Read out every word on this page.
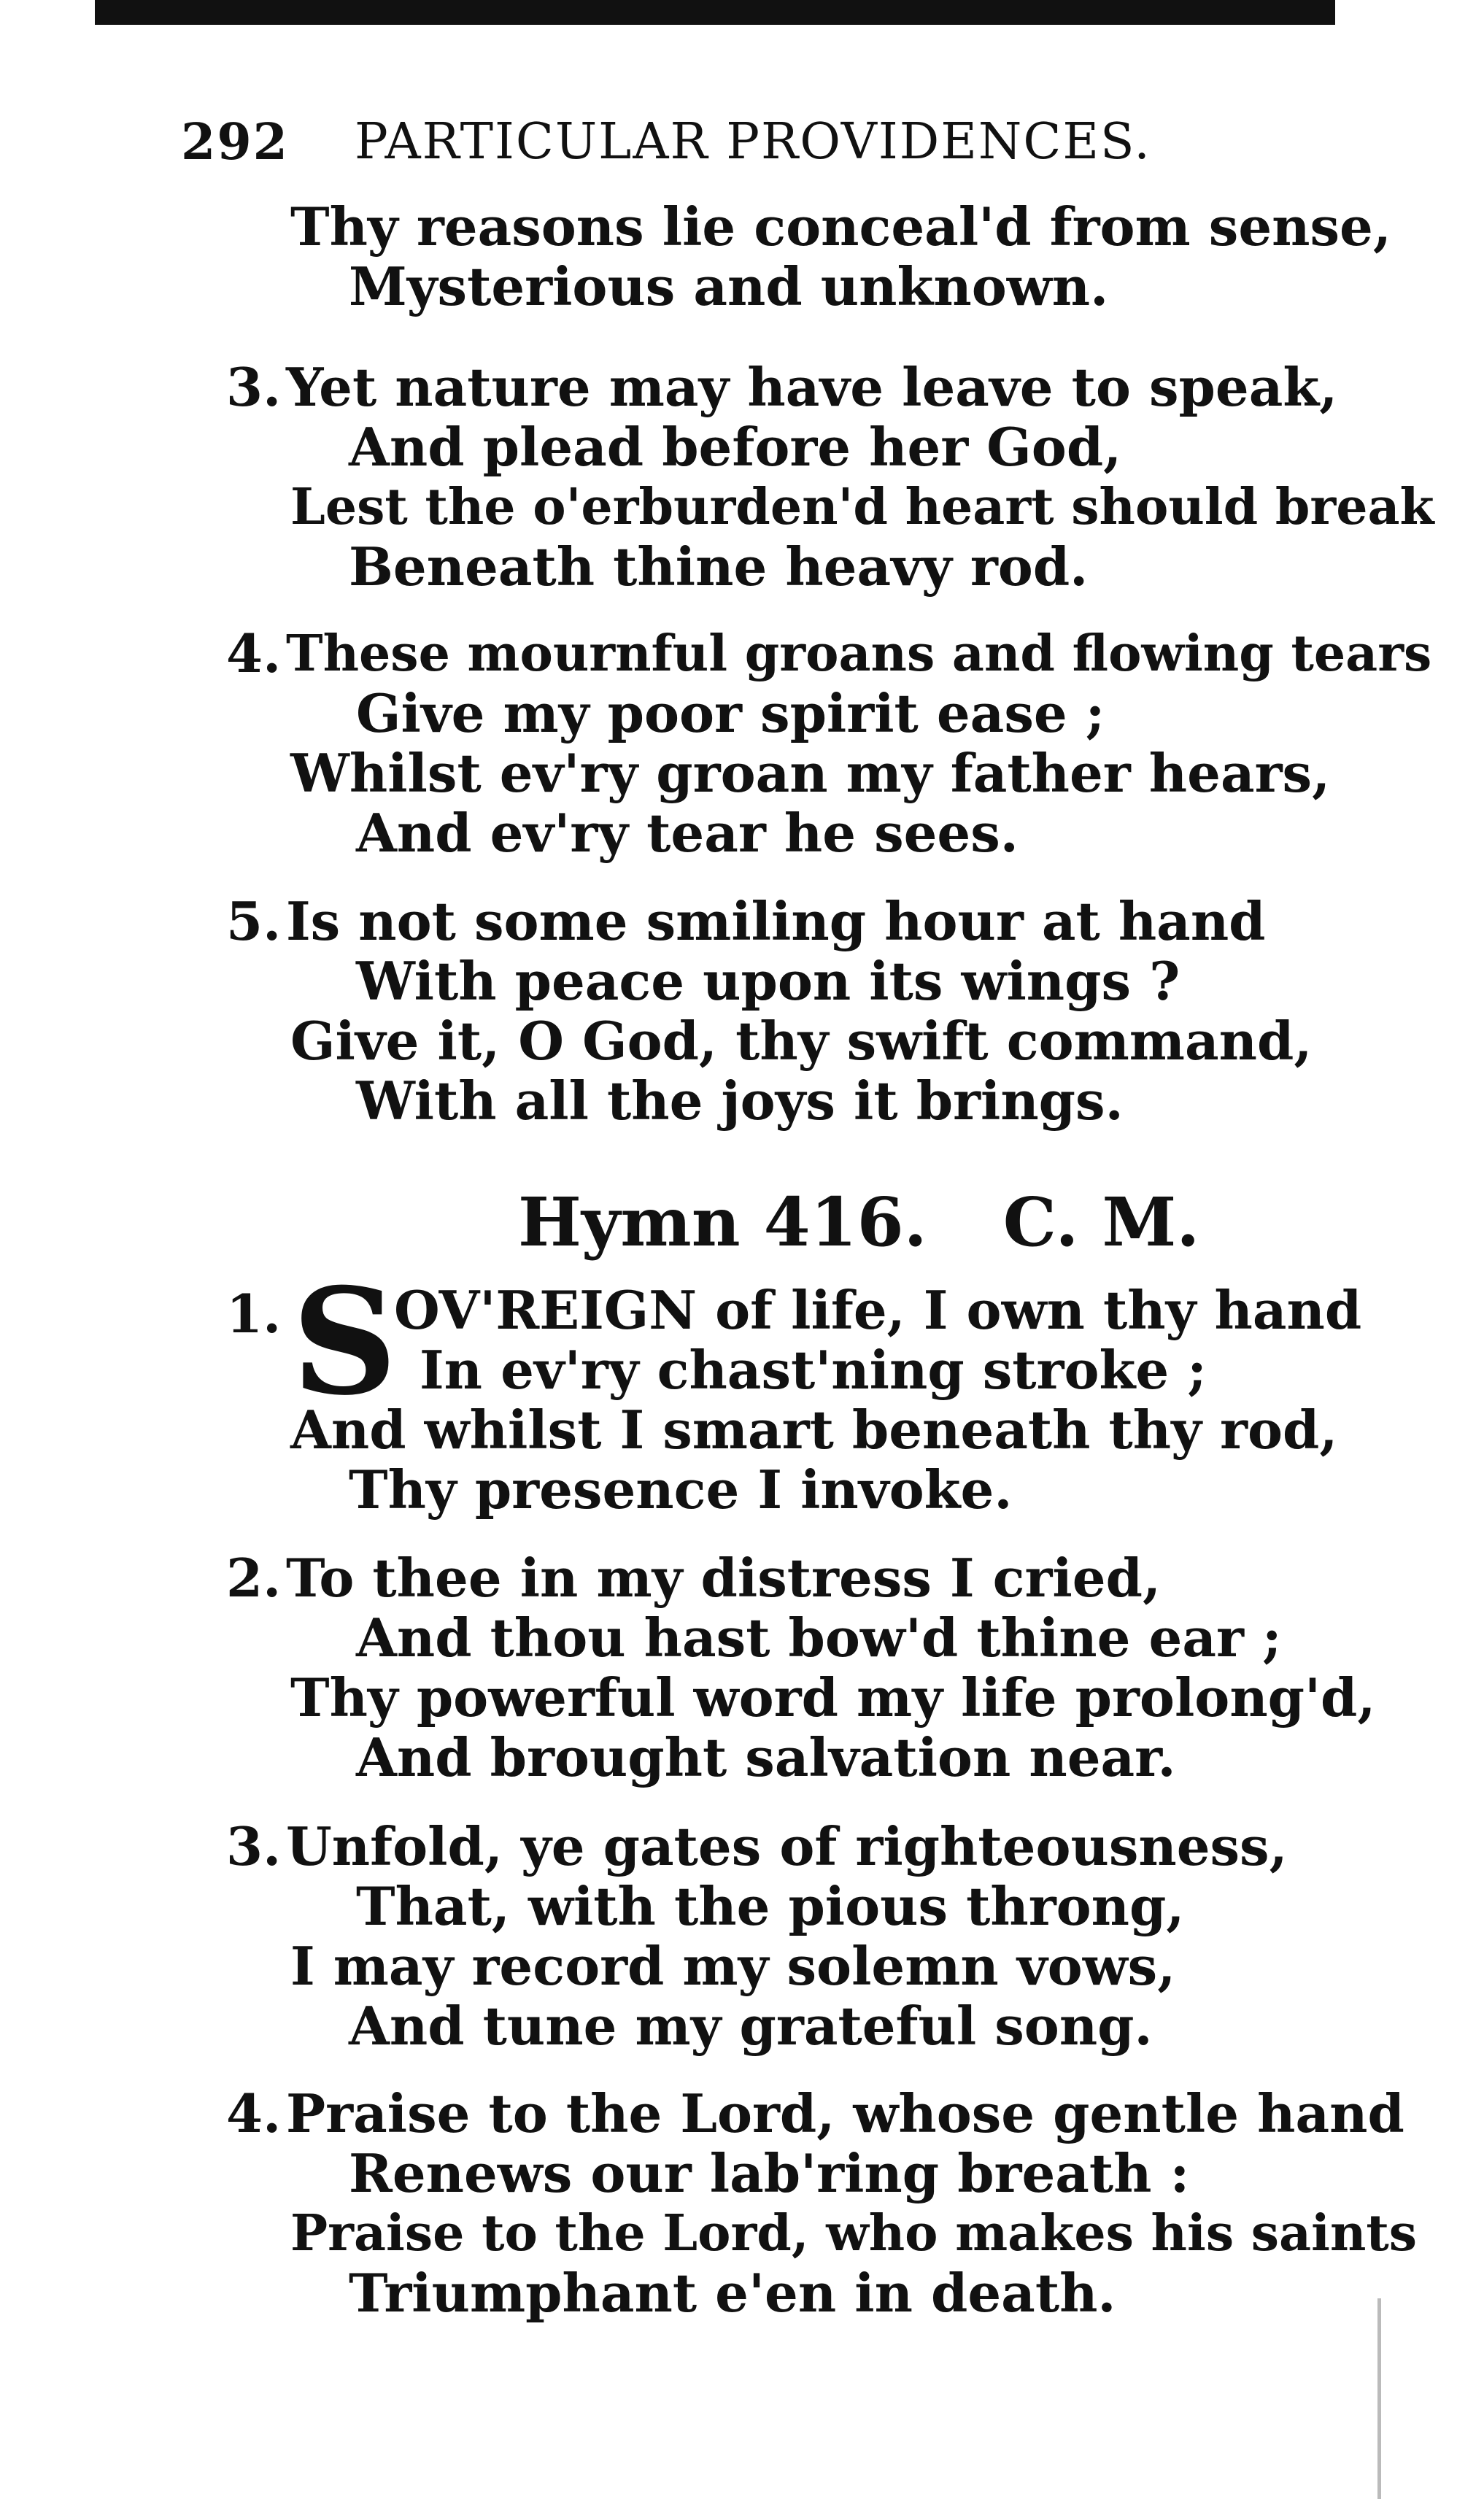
292 PARTICULAR PROVIDENCES.
Thy reasons lie conceal'd from sense,
Mysterious and unknown.
3. Yet nature may have leave to speak,
And plead before her God,
Lest the o'erburden'd heart should break
Beneath thine heavy rod.
4. These mournful groans and flowing tears
Give my poor spirit ease ;
Whilst ev'ry groan my father hears,
And ev'ry tear he sees.
5. Is not some smiling hour at hand
With peace upon its wings ?
Give it, O God, thy swift command,
With all the joys it brings.
Hymn 416. C. M.
1. S
OV'REIGN of life, I own thy hand
In ev'ry chast'ning stroke ;
And whilst I smart beneath thy rod,
Thy presence I invoke.
2. To thee in my distress I cried,
And thou hast bow'd thine ear ;
Thy powerful word my life prolong'd,
And brought salvation near.
3. Unfold, ye gates of righteousness,
That, with the pious throng,
I may record my solemn vows,
And tune my grateful song.
4. Praise to the Lord, whose gentle hand
Renews our lab'ring breath :
Praise to the Lord, who makes his saints
Triumphant e'en in death.
